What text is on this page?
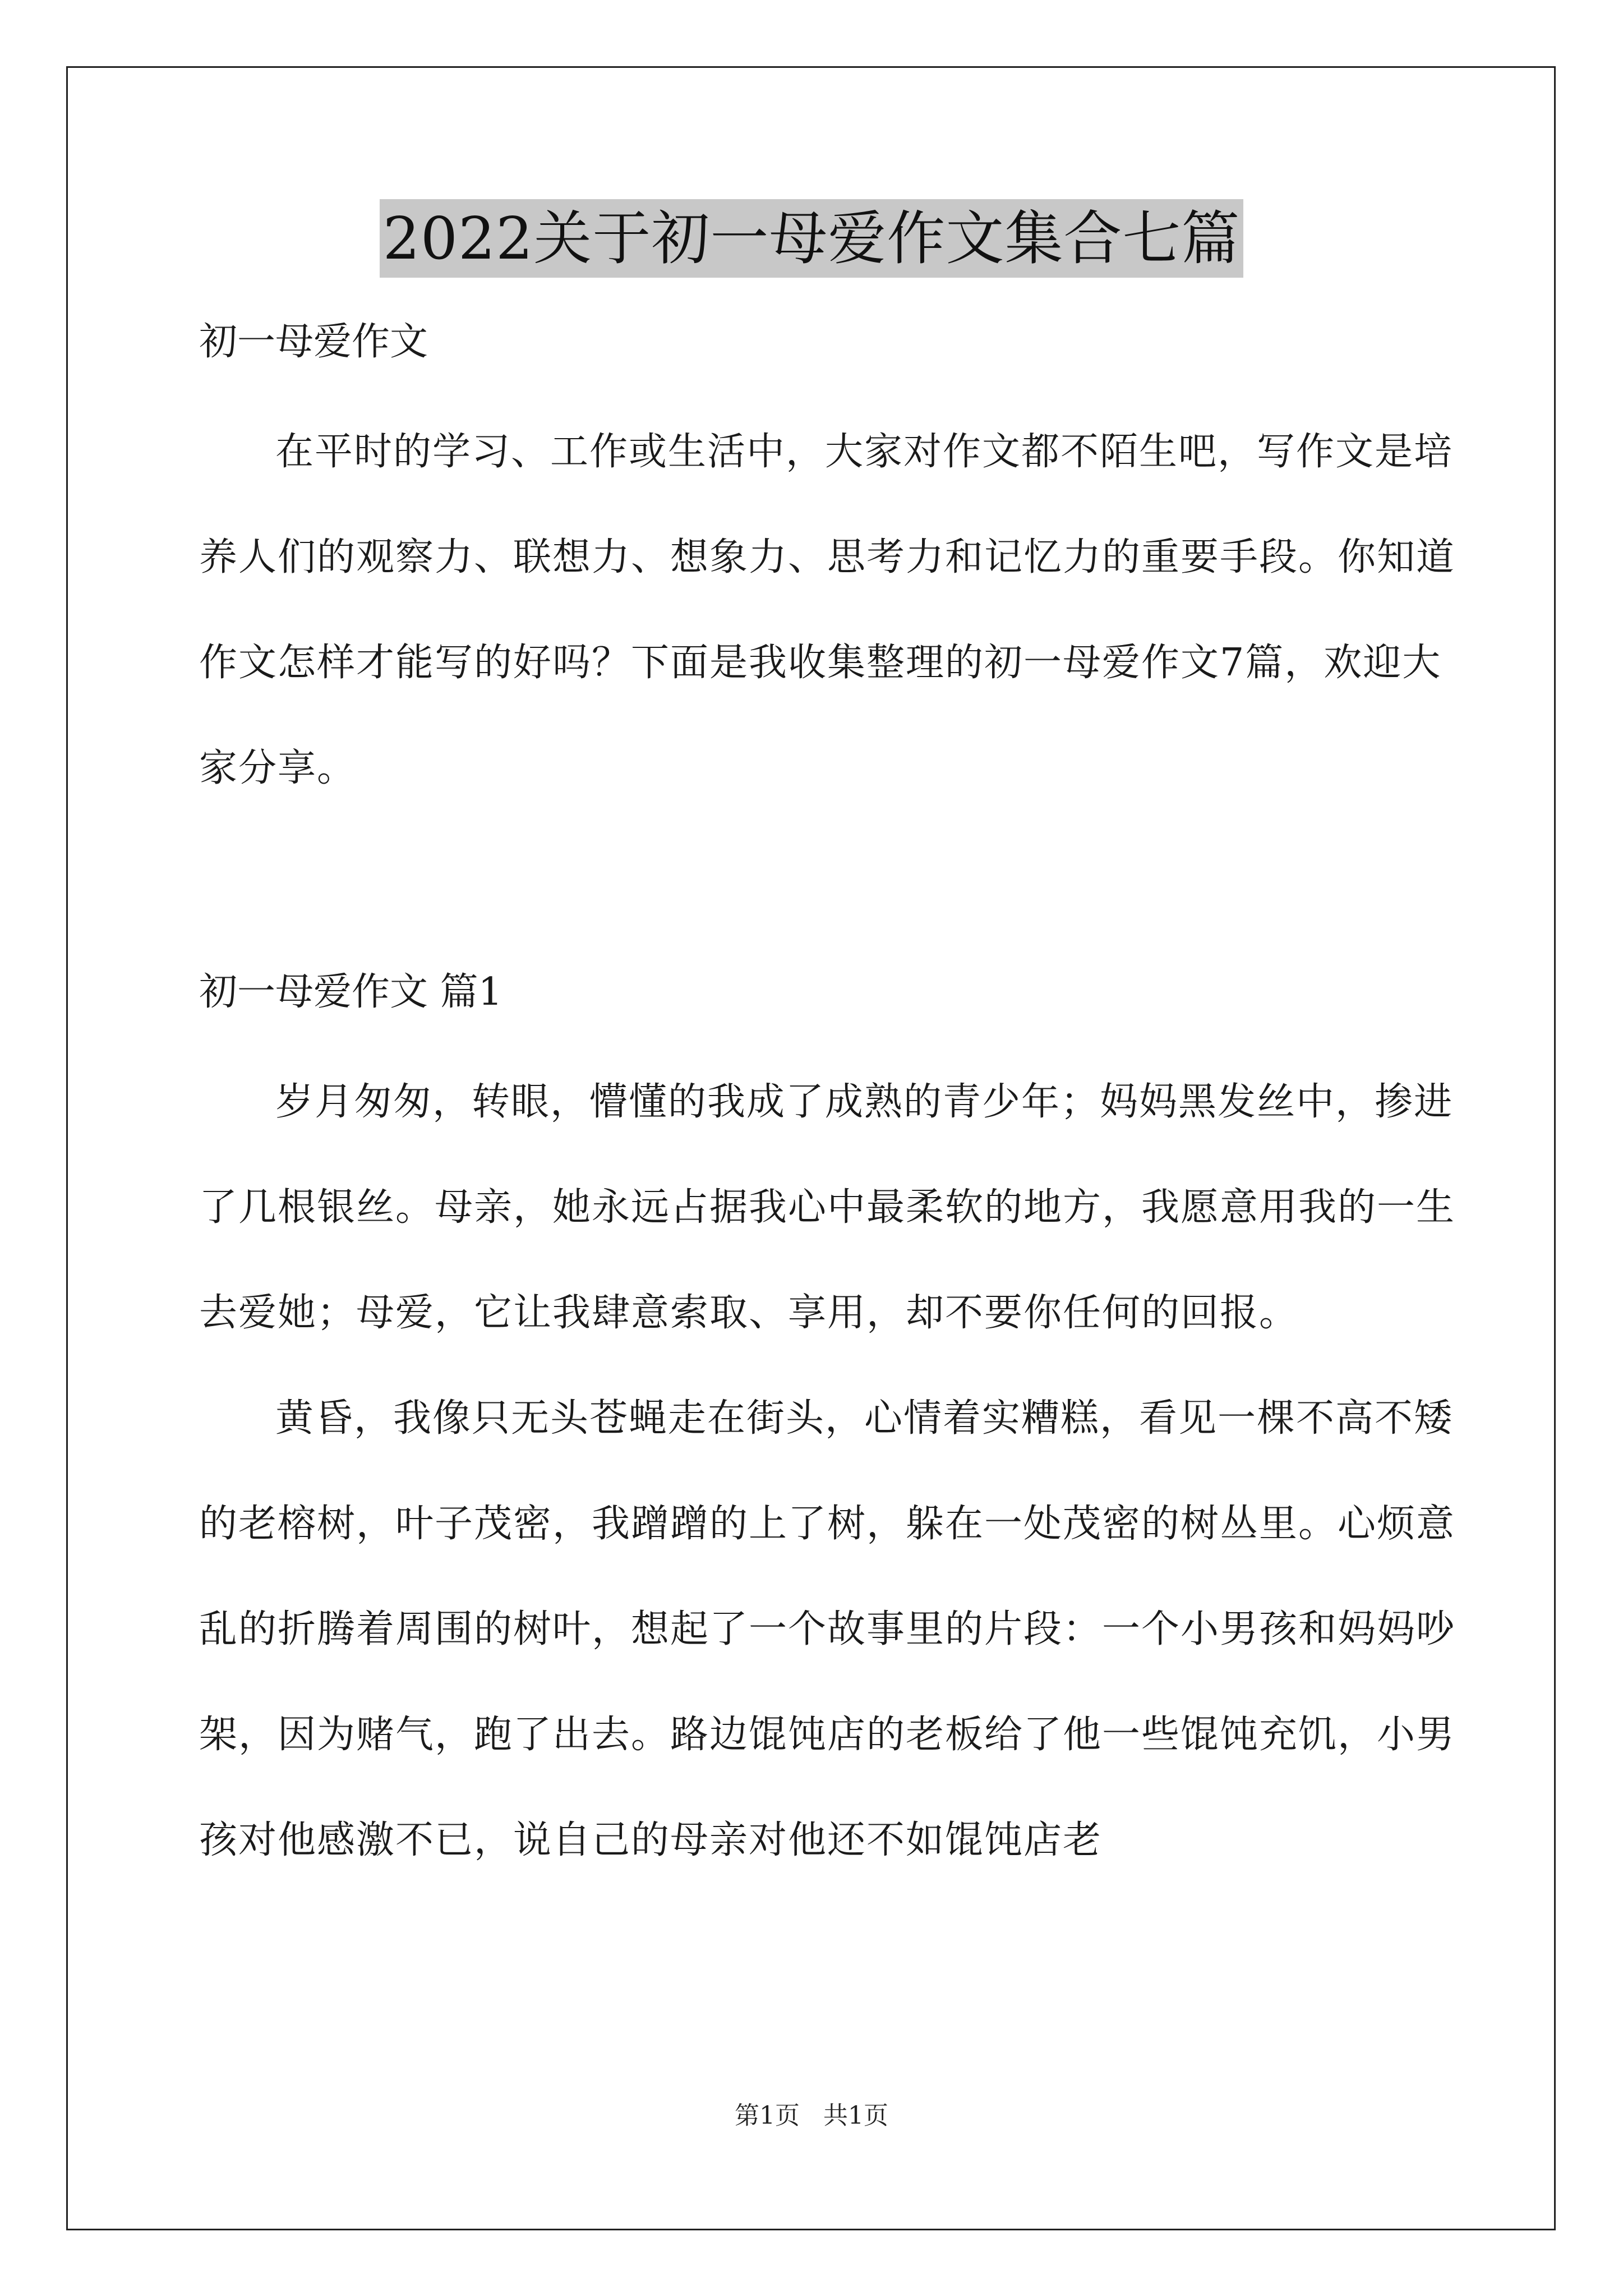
2022关于初一母爱作文集合七篇

初一母爱作文

在平时的学习、工作或生活中，大家对作文都不陌生吧，写作文是培养人们的观察力、联想力、想象力、思考力和记忆力的重要手段。你知道作文怎样才能写的好吗？下面是我收集整理的初一母爱作文7篇，欢迎大家分享。

初一母爱作文 篇1

岁月匆匆，转眼，懵懂的我成了成熟的青少年；妈妈黑发丝中，掺进了几根银丝。母亲，她永远占据我心中最柔软的地方，我愿意用我的一生去爱她；母爱，它让我肆意索取、享用，却不要你任何的回报。

黄昏，我像只无头苍蝇走在街头，心情着实糟糕，看见一棵不高不矮的老榕树，叶子茂密，我蹭蹭的上了树，躲在一处茂密的树丛里。心烦意乱的折腾着周围的树叶，想起了一个故事里的片段：一个小男孩和妈妈吵架，因为赌气，跑了出去。路边馄饨店的老板给了他一些馄饨充饥，小男孩对他感激不已，说自己的母亲对他还不如馄饨店老

第1页   共1页
